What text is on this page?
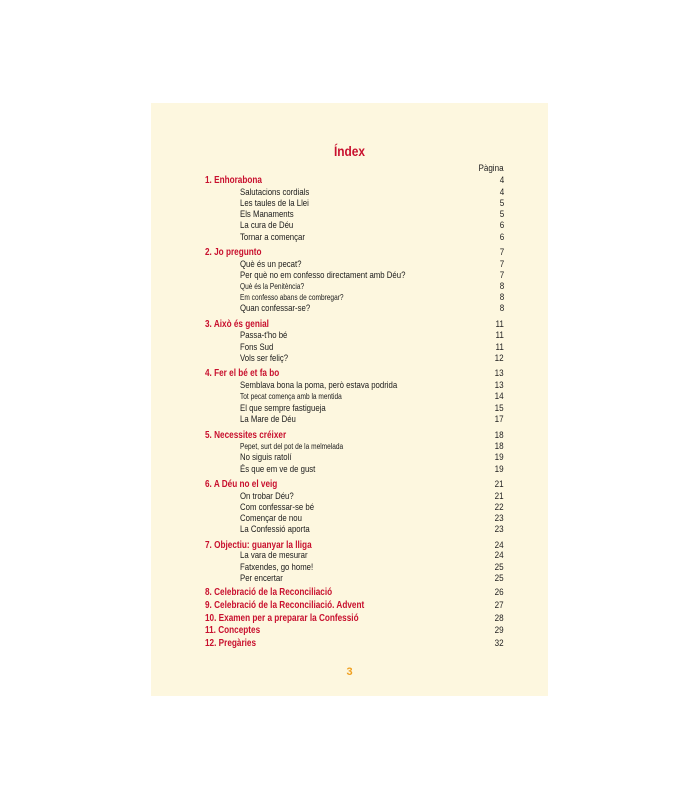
Índex
Pàgina
1. Enhorabona	4
Salutacions cordials	4
Les taules de la Llei	5
Els Manaments	5
La cura de Déu	6
Tornar a començar	6
2. Jo pregunto	7
Què és un pecat?	7
Per què no em confesso directament amb Déu?	7
Què és la Penitència?	8
Em confesso abans de combregar?	8
Quan confessar-se?	8
3. Això és genial	11
Passa-t'ho bé	11
Fons Sud	11
Vols ser feliç?	12
4. Fer el bé et fa bo	13
Semblava bona la poma, però estava podrida	13
Tot pecat comença amb la mentida	14
El que sempre fastigueja	15
La Mare de Déu	17
5. Necessites créixer	18
Pepet, surt del pot de la melmelada	18
No siguis ratolí	19
És que em ve de gust	19
6. A Déu no el veig	21
On trobar Déu?	21
Com confessar-se bé	22
Començar de nou	23
La Confessió aporta	23
7. Objectiu: guanyar la lliga	24
La vara de mesurar	24
Fatxendes, go home!	25
Per encertar	25
8. Celebració de la Reconciliació	26
9. Celebració de la Reconciliació. Advent	27
10. Examen per a preparar la Confessió	28
11. Conceptes	29
12. Pregàries	32
3
